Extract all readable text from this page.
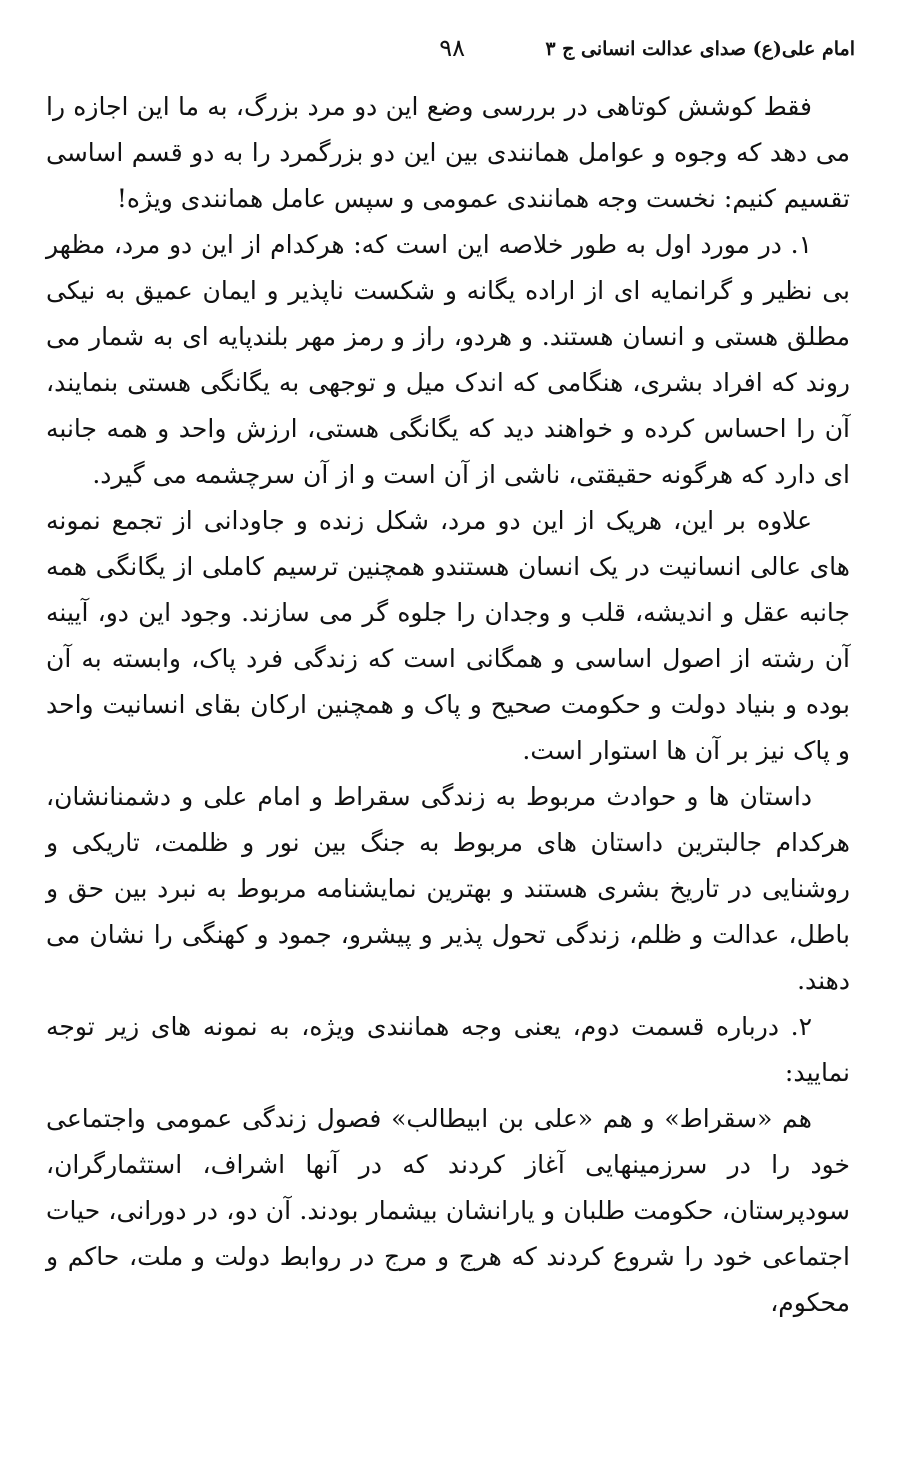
امام علی(ع) صدای عدالت انسانی ج ٣
٩٨

فقط کوشش کوتاهی در بررسی وضع این دو مرد بزرگ، به ما این اجازه را می دهد که وجوه و عوامل همانندی بین این دو بزرگمرد را به دو قسم اساسی تقسیم کنیم: نخست وجه همانندی عمومی و سپس عامل همانندی ویژه!

١. در مورد اول به طور خلاصه این است که: هرکدام از این دو مرد، مظهر بی نظیر و گرانمایه ای از اراده یگانه و شکست ناپذیر و ایمان عمیق به نیکی مطلق هستی و انسان هستند. و هردو، راز و رمز مهر بلندپایه ای به شمار می روند که افراد بشری، هنگامی که اندک میل و توجهی به یگانگی هستی بنمایند، آن را احساس کرده و خواهند دید که یگانگی هستی، ارزش واحد و همه جانبه ای دارد که هرگونه حقیقتی، ناشی از آن است و از آن سرچشمه می گیرد.

علاوه بر این، هریک از این دو مرد، شکل زنده و جاودانی از تجمع نمونه های عالی انسانیت در یک انسان هستندو همچنین ترسیم کاملی از یگانگی همه جانبه عقل و اندیشه، قلب و وجدان را جلوه گر می سازند. وجود این دو، آیینه آن رشته از اصول اساسی و همگانی است که زندگی فرد پاک، وابسته به آن بوده و بنیاد دولت و حکومت صحیح و پاک و همچنین ارکان بقای انسانیت واحد و پاک نیز بر آن ها استوار است.

داستان ها و حوادث مربوط به زندگی سقراط و امام علی و دشمنانشان، هرکدام جالبترین داستان های مربوط به جنگ بین نور و ظلمت، تاریکی و روشنایی در تاریخ بشری هستند و بهترین نمایشنامه مربوط به نبرد بین حق و باطل، عدالت و ظلم، زندگی تحول پذیر و پیشرو، جمود و کهنگی را نشان می دهند.

٢. درباره قسمت دوم، یعنی وجه همانندی ویژه، به نمونه های زیر توجه نمایید:

هم «سقراط» و هم «علی بن ابیطالب» فصول زندگی عمومی واجتماعی خود را در سرزمینهایی آغاز کردند که در آنها اشراف، استثمارگران، سودپرستان، حکومت طلبان و یارانشان بیشمار بودند. آن دو، در دورانی، حیات اجتماعی خود را شروع کردند که هرج و مرج در روابط دولت و ملت، حاکم و محکوم،
